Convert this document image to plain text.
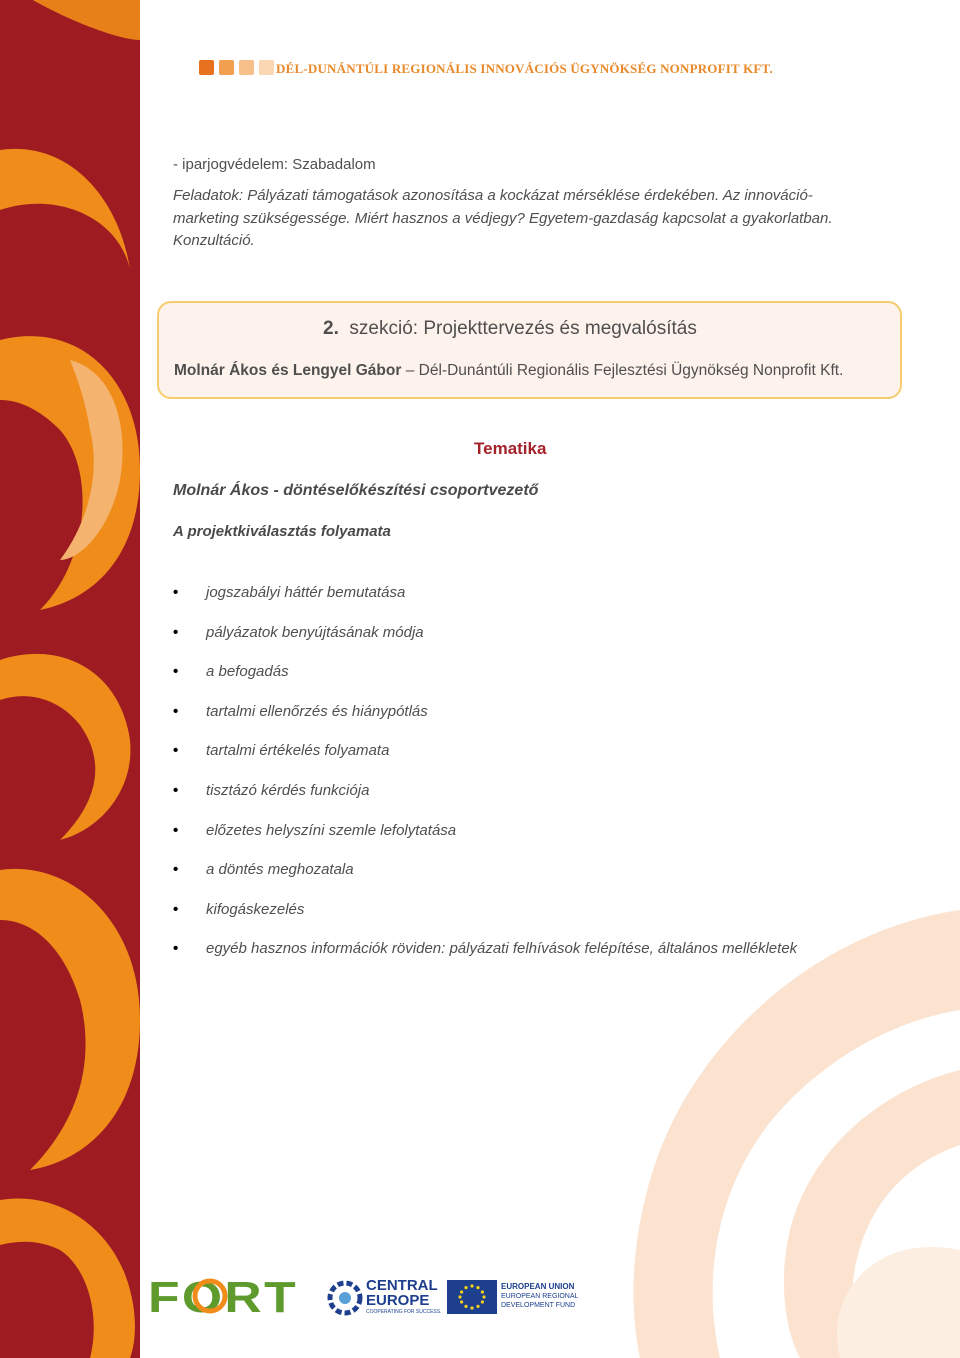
DÉL-DUNÁNTÚLI REGIONÁLIS INNOVÁCIÓS ÜGYNÖKSÉG NONPROFIT KFT.
- iparjogvédelem: Szabadalom
Feladatok: Pályázati támogatások azonosítása a kockázat mérséklése érdekében. Az innováció-
marketing szükségessége. Miért hasznos a védjegy? Egyetem-gazdaság kapcsolat a gyakorlatban.
Konzultáció.
2. szekció: Projekttervezés és megvalósítás
Molnár Ákos és Lengyel Gábor – Dél-Dunántúli Regionális Fejlesztési Ügynökség Nonprofit Kft.
Tematika
Molnár Ákos - döntéselőkészítési csoportvezető
A projektkiválasztás folyamata
• jogszabályi háttér bemutatása
• pályázatok benyújtásának módja
• a befogadás
• tartalmi ellenőrzés és hiánypótlás
• tartalmi értékelés folyamata
• tisztázó kérdés funkciója
• előzetes helyszíni szemle lefolytatása
• a döntés meghozatala
• kifogáskezelés
• egyéb hasznos információk röviden: pályázati felhívások felépítése, általános mellékletek
FORT	CENTRAL
EUROPE
COOPERATING FOR SUCCESS.
EUROPEAN UNION
EUROPEAN REGIONAL
DEVELOPMENT FUND
